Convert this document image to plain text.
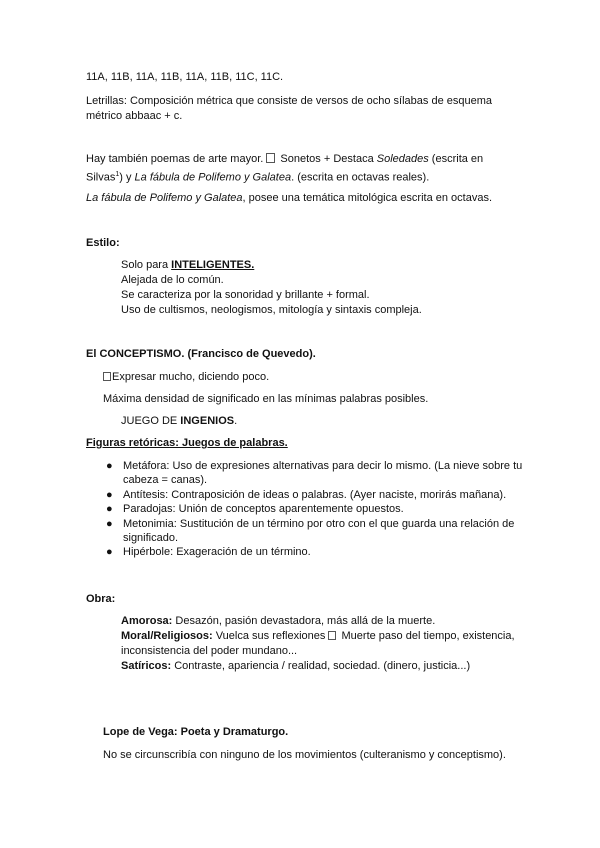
11A, 11B, 11A, 11B, 11A, 11B, 11C, 11C.

Letrillas: Composición métrica que consiste de versos de ocho sílabas de esquema métrico abbaac + c.

Hay también poemas de arte mayor.  Sonetos + Destaca Soledades (escrita en Silvas$^1$) y La fábula de Polifemo y Galatea. (escrita en octavas reales).

La fábula de Polifemo y Galatea, posee una temática mitológica escrita en octavas.

Estilo:

Solo para INTELIGENTES.
Alejada de lo común.
Se caracteriza por la sonoridad y brillante + formal.
Uso de cultismos, neologismos, mitología y sintaxis compleja.

El CONCEPTISMO. (Francisco de Quevedo).

Expresar mucho, diciendo poco.

Máxima densidad de significado en las mínimas palabras posibles.

JUEGO DE INGENIOS.

Figuras retóricas: Juegos de palabras.

● Metáfora: Uso de expresiones alternativas para decir lo mismo. (La nieve sobre tu cabeza = canas).
● Antítesis: Contraposición de ideas o palabras. (Ayer naciste, morirás mañana).
● Paradojas: Unión de conceptos aparentemente opuestos.
● Metonimia: Sustitución de un término por otro con el que guarda una relación de significado.
● Hipérbole: Exageración de un término.

Obra:

Amorosa: Desazón, pasión devastadora, más allá de la muerte.
Moral/Religiosos: Vuelca sus reflexiones  Muerte paso del tiempo, existencia, inconsistencia del poder mundano...
Satíricos: Contraste, apariencia / realidad, sociedad. (dinero, justicia...)

Lope de Vega: Poeta y Dramaturgo.

No se circunscribía con ninguno de los movimientos (culteranismo y conceptismo).
